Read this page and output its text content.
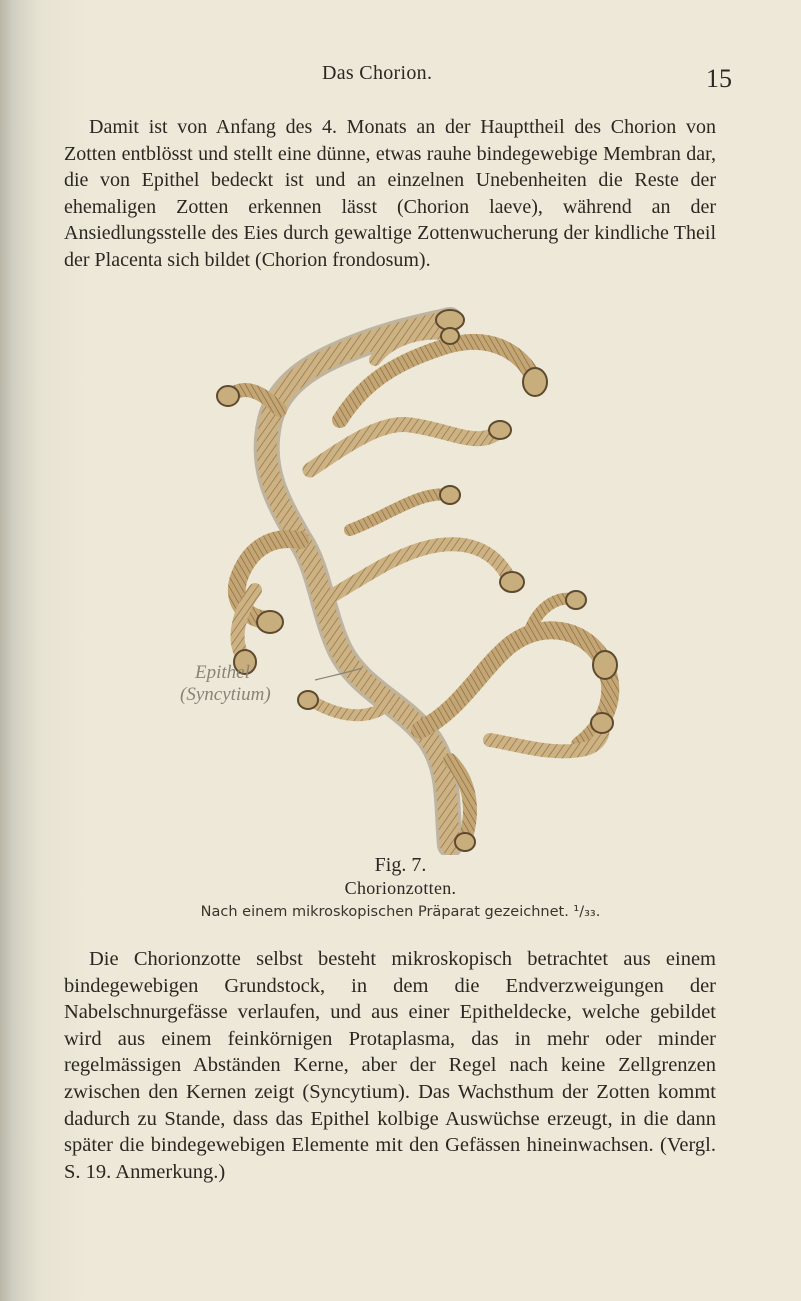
Das Chorion.	15

Damit ist von Anfang des 4. Monats an der Haupttheil des Chorion von Zotten entblösst und stellt eine dünne, etwas rauhe bindegewebige Membran dar, die von Epithel bedeckt ist und an einzelnen Unebenheiten die Reste der ehemaligen Zotten erkennen lässt (Chorion laeve), während an der Ansiedlungsstelle des Eies durch gewaltige Zottenwucherung der kindliche Theil der Placenta sich bildet (Chorion frondosum).

Epithel
(Syncytium)
Fig. 7.
Chorionzotten.
Nach einem mikroskopischen Präparat gezeichnet. ¹/₃₃.

Die Chorionzotte selbst besteht mikroskopisch betrachtet aus einem bindegewebigen Grundstock, in dem die Endverzweigungen der Nabelschnurgefässe verlaufen, und aus einer Epitheldecke, welche gebildet wird aus einem feinkörnigen Protaplasma, das in mehr oder minder regelmässigen Abständen Kerne, aber der Regel nach keine Zellgrenzen zwischen den Kernen zeigt (Syncytium). Das Wachsthum der Zotten kommt dadurch zu Stande, dass das Epithel kolbige Auswüchse erzeugt, in die dann später die bindegewebigen Elemente mit den Gefässen hineinwachsen. (Vergl. S. 19. Anmerkung.)
